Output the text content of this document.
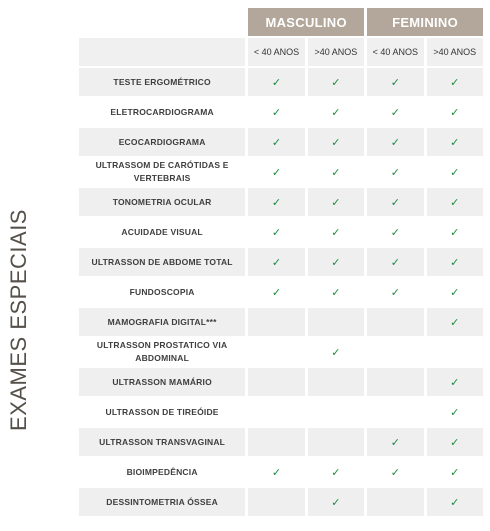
EXAMES ESPECIAIS
	MASCULINO		FEMININO	
	< 40 ANOS	>40 ANOS	< 40 ANOS	>40 ANOS
TESTE ERGOMÉTRICO	✓	✓	✓	✓
ELETROCARDIOGRAMA	✓	✓	✓	✓
ECOCARDIOGRAMA	✓	✓	✓	✓
ULTRASSOM DE CARÓTIDAS E VERTEBRAIS	✓	✓	✓	✓
TONOMETRIA OCULAR	✓	✓	✓	✓
ACUIDADE VISUAL	✓	✓	✓	✓
ULTRASSON DE ABDOME TOTAL	✓	✓	✓	✓
FUNDOSCOPIA	✓	✓	✓	✓
MAMOGRAFIA DIGITAL***				✓
ULTRASSON PROSTATICO VIA ABDOMINAL		✓		
ULTRASSON MAMÁRIO				✓
ULTRASSON DE TIREÓIDE				✓
ULTRASSON TRANSVAGINAL			✓	✓
BIOIMPEDÊNCIA	✓	✓	✓	✓
DESSINTOMETRIA ÓSSEA		✓		✓
